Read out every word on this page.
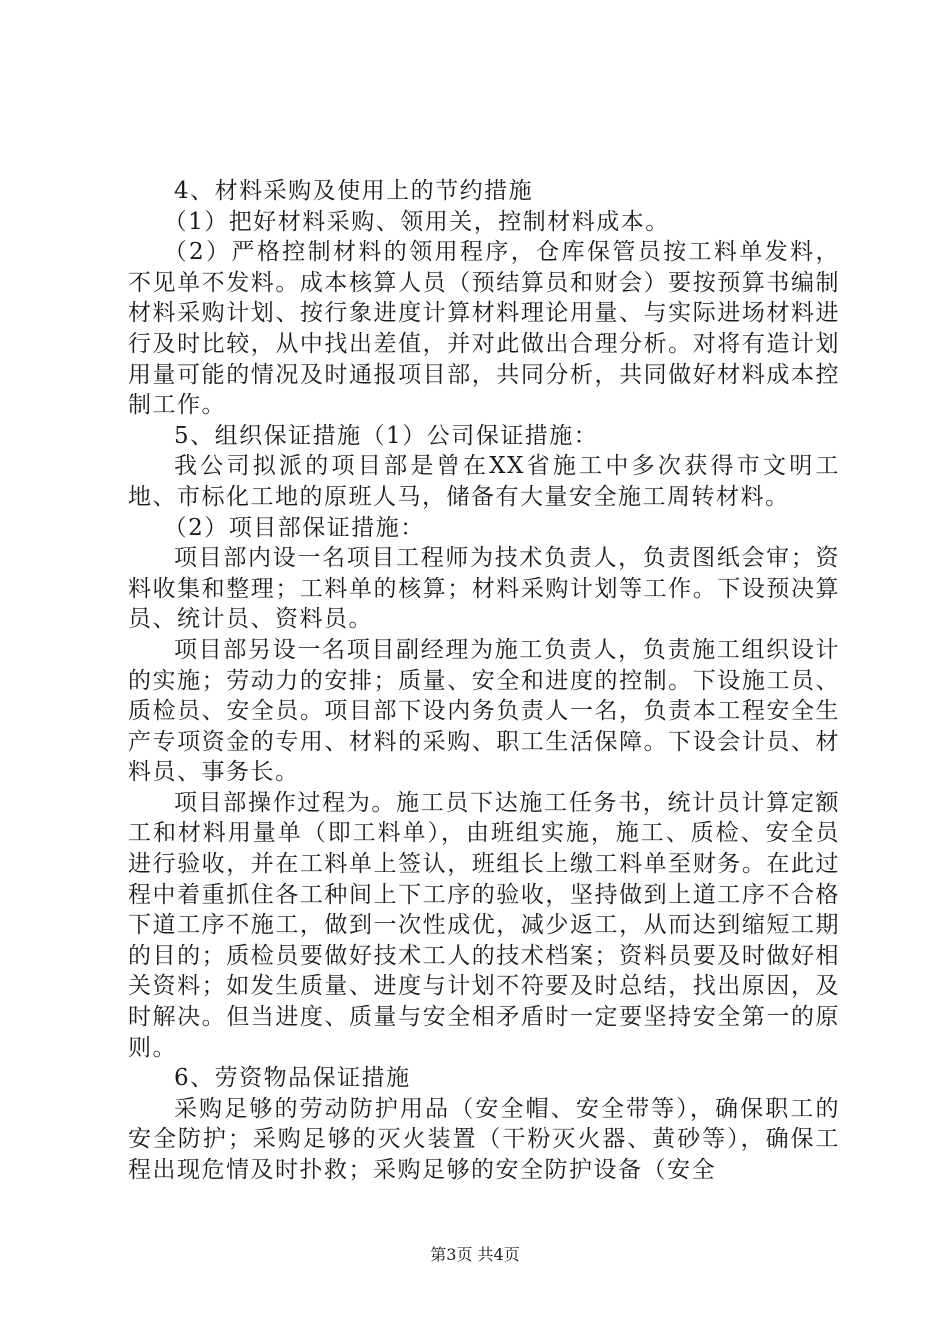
4、材料采购及使用上的节约措施

（1）把好材料采购、领用关，控制材料成本。

（2）严格控制材料的领用程序，仓库保管员按工料单发料，不见单不发料。成本核算人员（预结算员和财会）要按预算书编制材料采购计划、按行象进度计算材料理论用量、与实际进场材料进行及时比较，从中找出差值，并对此做出合理分析。对将有造计划用量可能的情况及时通报项目部，共同分析，共同做好材料成本控制工作。

5、组织保证措施（1）公司保证措施：

我公司拟派的项目部是曾在XX省施工中多次获得市文明工地、市标化工地的原班人马，储备有大量安全施工周转材料。

（2）项目部保证措施：

项目部内设一名项目工程师为技术负责人，负责图纸会审；资料收集和整理；工料单的核算；材料采购计划等工作。下设预决算员、统计员、资料员。

项目部另设一名项目副经理为施工负责人，负责施工组织设计的实施；劳动力的安排；质量、安全和进度的控制。下设施工员、质检员、安全员。项目部下设内务负责人一名，负责本工程安全生产专项资金的专用、材料的采购、职工生活保障。下设会计员、材料员、事务长。

项目部操作过程为。施工员下达施工任务书，统计员计算定额工和材料用量单（即工料单），由班组实施，施工、质检、安全员进行验收，并在工料单上签认，班组长上缴工料单至财务。在此过程中着重抓住各工种间上下工序的验收，坚持做到上道工序不合格下道工序不施工，做到一次性成优，减少返工，从而达到缩短工期的目的；质检员要做好技术工人的技术档案；资料员要及时做好相关资料；如发生质量、进度与计划不符要及时总结，找出原因，及时解决。但当进度、质量与安全相矛盾时一定要坚持安全第一的原则。

6、劳资物品保证措施

采购足够的劳动防护用品（安全帽、安全带等），确保职工的安全防护；采购足够的灭火装置（干粉灭火器、黄砂等），确保工程出现危情及时扑救；采购足够的安全防护设备（安全

第3页 共4页
